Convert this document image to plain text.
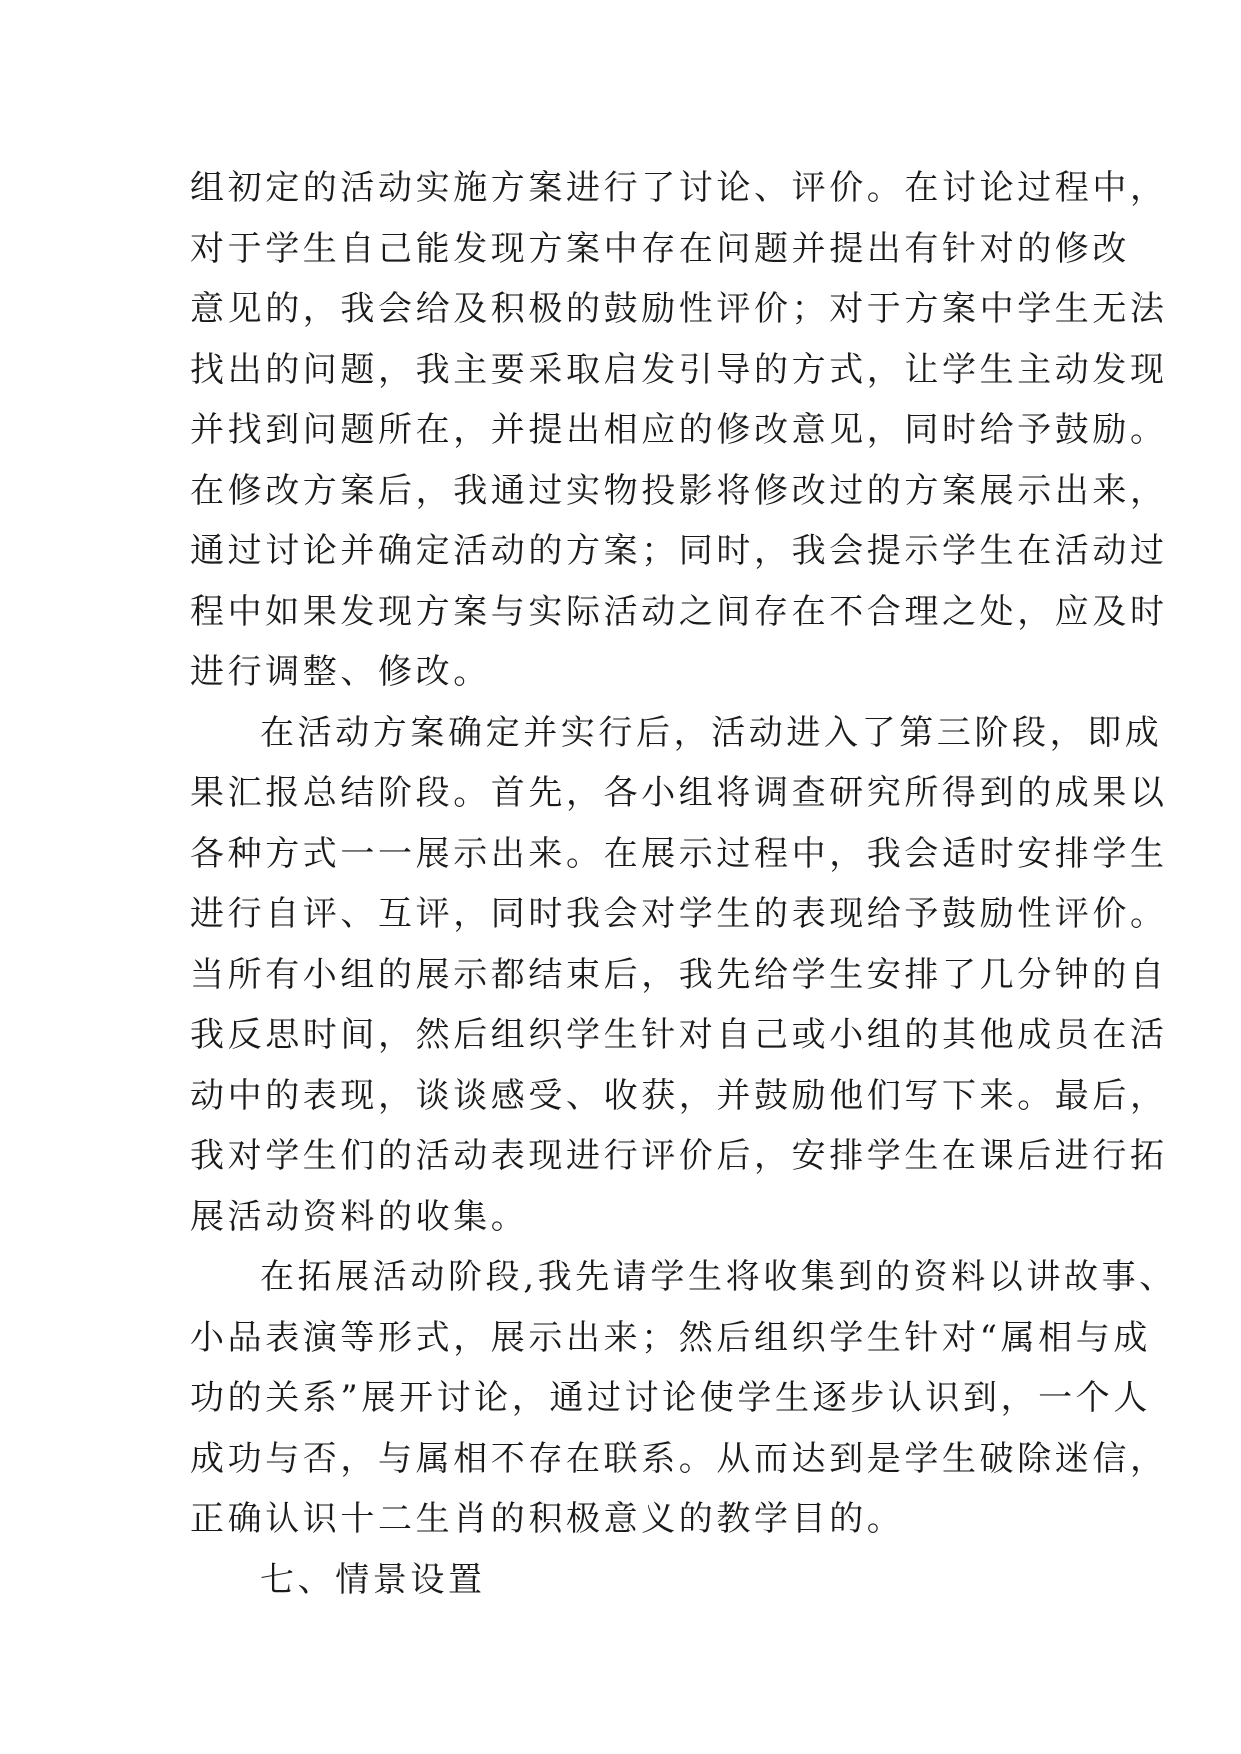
组初定的活动实施方案进行了讨论、评价。在讨论过程中，
对于学生自己能发现方案中存在问题并提出有针对的修改
意见的，我会给及积极的鼓励性评价；对于方案中学生无法
找出的问题，我主要采取启发引导的方式，让学生主动发现
并找到问题所在，并提出相应的修改意见，同时给予鼓励。
在修改方案后，我通过实物投影将修改过的方案展示出来，
通过讨论并确定活动的方案；同时，我会提示学生在活动过
程中如果发现方案与实际活动之间存在不合理之处，应及时
进行调整、修改。
在活动方案确定并实行后，活动进入了第三阶段，即成
果汇报总结阶段。首先，各小组将调查研究所得到的成果以
各种方式一一展示出来。在展示过程中，我会适时安排学生
进行自评、互评，同时我会对学生的表现给予鼓励性评价。
当所有小组的展示都结束后，我先给学生安排了几分钟的自
我反思时间，然后组织学生针对自己或小组的其他成员在活
动中的表现，谈谈感受、收获，并鼓励他们写下来。最后，
我对学生们的活动表现进行评价后，安排学生在课后进行拓
展活动资料的收集。
在拓展活动阶段,我先请学生将收集到的资料以讲故事、
小品表演等形式，展示出来；然后组织学生针对“属相与成
功的关系”展开讨论，通过讨论使学生逐步认识到，一个人
成功与否，与属相不存在联系。从而达到是学生破除迷信，
正确认识十二生肖的积极意义的教学目的。
七、情景设置
